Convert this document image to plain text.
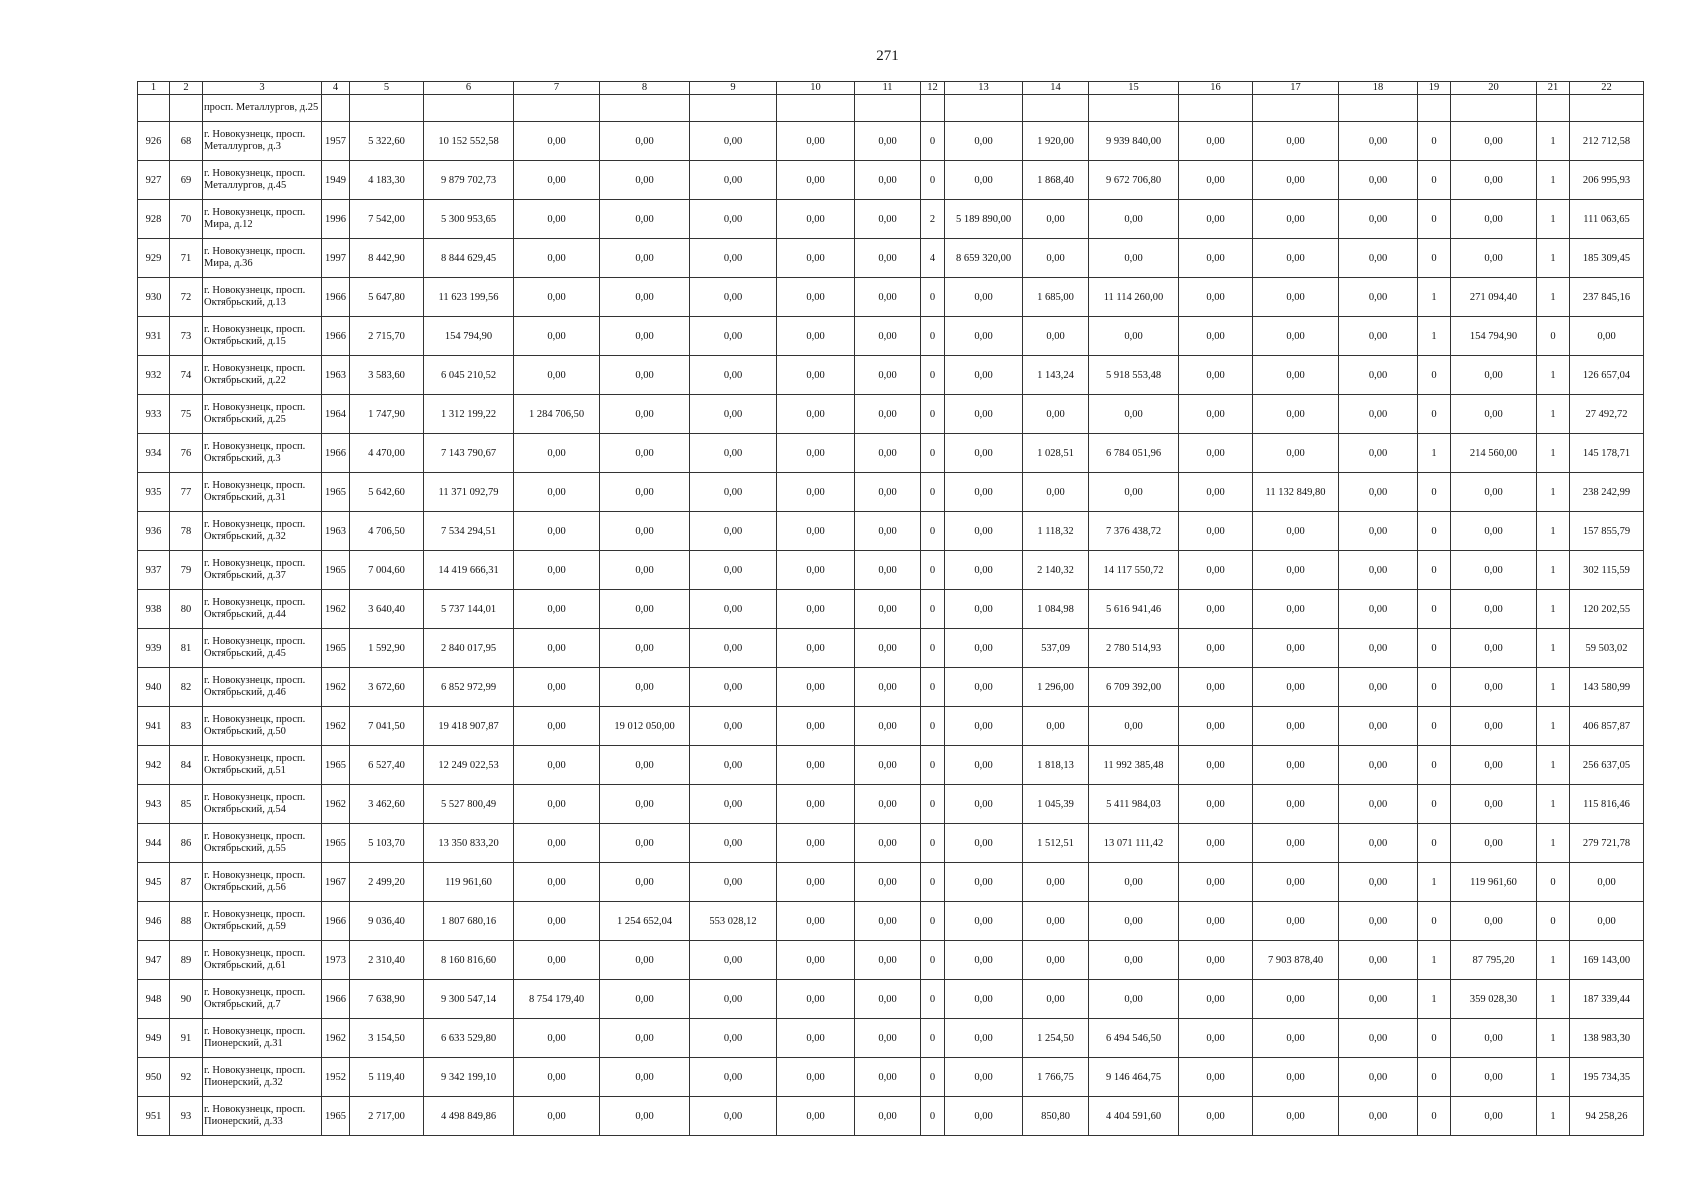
271
1	2	3	4	5	6	7	8	9	10	11	12	13	14	15	16	17	18	19	20	21	22
		просп. Металлургов, д.25																			
926	68	г. Новокузнецк, просп. Металлургов, д.3	1957	5 322,60	10 152 552,58	0,00	0,00	0,00	0,00	0,00	0	0,00	1 920,00	9 939 840,00	0,00	0,00	0,00	0	0,00	1	212 712,58
927	69	г. Новокузнецк, просп. Металлургов, д.45	1949	4 183,30	9 879 702,73	0,00	0,00	0,00	0,00	0,00	0	0,00	1 868,40	9 672 706,80	0,00	0,00	0,00	0	0,00	1	206 995,93
928	70	г. Новокузнецк, просп. Мира, д.12	1996	7 542,00	5 300 953,65	0,00	0,00	0,00	0,00	0,00	2	5 189 890,00	0,00	0,00	0,00	0,00	0,00	0	0,00	1	111 063,65
929	71	г. Новокузнецк, просп. Мира, д.36	1997	8 442,90	8 844 629,45	0,00	0,00	0,00	0,00	0,00	4	8 659 320,00	0,00	0,00	0,00	0,00	0,00	0	0,00	1	185 309,45
930	72	г. Новокузнецк, просп. Октябрьский, д.13	1966	5 647,80	11 623 199,56	0,00	0,00	0,00	0,00	0,00	0	0,00	1 685,00	11 114 260,00	0,00	0,00	0,00	1	271 094,40	1	237 845,16
931	73	г. Новокузнецк, просп. Октябрьский, д.15	1966	2 715,70	154 794,90	0,00	0,00	0,00	0,00	0,00	0	0,00	0,00	0,00	0,00	0,00	0,00	1	154 794,90	0	0,00
932	74	г. Новокузнецк, просп. Октябрьский, д.22	1963	3 583,60	6 045 210,52	0,00	0,00	0,00	0,00	0,00	0	0,00	1 143,24	5 918 553,48	0,00	0,00	0,00	0	0,00	1	126 657,04
933	75	г. Новокузнецк, просп. Октябрьский, д.25	1964	1 747,90	1 312 199,22	1 284 706,50	0,00	0,00	0,00	0,00	0	0,00	0,00	0,00	0,00	0,00	0,00	0	0,00	1	27 492,72
934	76	г. Новокузнецк, просп. Октябрьский, д.3	1966	4 470,00	7 143 790,67	0,00	0,00	0,00	0,00	0,00	0	0,00	1 028,51	6 784 051,96	0,00	0,00	0,00	1	214 560,00	1	145 178,71
935	77	г. Новокузнецк, просп. Октябрьский, д.31	1965	5 642,60	11 371 092,79	0,00	0,00	0,00	0,00	0,00	0	0,00	0,00	0,00	0,00	11 132 849,80	0,00	0	0,00	1	238 242,99
936	78	г. Новокузнецк, просп. Октябрьский, д.32	1963	4 706,50	7 534 294,51	0,00	0,00	0,00	0,00	0,00	0	0,00	1 118,32	7 376 438,72	0,00	0,00	0,00	0	0,00	1	157 855,79
937	79	г. Новокузнецк, просп. Октябрьский, д.37	1965	7 004,60	14 419 666,31	0,00	0,00	0,00	0,00	0,00	0	0,00	2 140,32	14 117 550,72	0,00	0,00	0,00	0	0,00	1	302 115,59
938	80	г. Новокузнецк, просп. Октябрьский, д.44	1962	3 640,40	5 737 144,01	0,00	0,00	0,00	0,00	0,00	0	0,00	1 084,98	5 616 941,46	0,00	0,00	0,00	0	0,00	1	120 202,55
939	81	г. Новокузнецк, просп. Октябрьский, д.45	1965	1 592,90	2 840 017,95	0,00	0,00	0,00	0,00	0,00	0	0,00	537,09	2 780 514,93	0,00	0,00	0,00	0	0,00	1	59 503,02
940	82	г. Новокузнецк, просп. Октябрьский, д.46	1962	3 672,60	6 852 972,99	0,00	0,00	0,00	0,00	0,00	0	0,00	1 296,00	6 709 392,00	0,00	0,00	0,00	0	0,00	1	143 580,99
941	83	г. Новокузнецк, просп. Октябрьский, д.50	1962	7 041,50	19 418 907,87	0,00	19 012 050,00	0,00	0,00	0,00	0	0,00	0,00	0,00	0,00	0,00	0,00	0	0,00	1	406 857,87
942	84	г. Новокузнецк, просп. Октябрьский, д.51	1965	6 527,40	12 249 022,53	0,00	0,00	0,00	0,00	0,00	0	0,00	1 818,13	11 992 385,48	0,00	0,00	0,00	0	0,00	1	256 637,05
943	85	г. Новокузнецк, просп. Октябрьский, д.54	1962	3 462,60	5 527 800,49	0,00	0,00	0,00	0,00	0,00	0	0,00	1 045,39	5 411 984,03	0,00	0,00	0,00	0	0,00	1	115 816,46
944	86	г. Новокузнецк, просп. Октябрьский, д.55	1965	5 103,70	13 350 833,20	0,00	0,00	0,00	0,00	0,00	0	0,00	1 512,51	13 071 111,42	0,00	0,00	0,00	0	0,00	1	279 721,78
945	87	г. Новокузнецк, просп. Октябрьский, д.56	1967	2 499,20	119 961,60	0,00	0,00	0,00	0,00	0,00	0	0,00	0,00	0,00	0,00	0,00	0,00	1	119 961,60	0	0,00
946	88	г. Новокузнецк, просп. Октябрьский, д.59	1966	9 036,40	1 807 680,16	0,00	1 254 652,04	553 028,12	0,00	0,00	0	0,00	0,00	0,00	0,00	0,00	0,00	0	0,00	0	0,00
947	89	г. Новокузнецк, просп. Октябрьский, д.61	1973	2 310,40	8 160 816,60	0,00	0,00	0,00	0,00	0,00	0	0,00	0,00	0,00	0,00	7 903 878,40	0,00	1	87 795,20	1	169 143,00
948	90	г. Новокузнецк, просп. Октябрьский, д.7	1966	7 638,90	9 300 547,14	8 754 179,40	0,00	0,00	0,00	0,00	0	0,00	0,00	0,00	0,00	0,00	0,00	1	359 028,30	1	187 339,44
949	91	г. Новокузнецк, просп. Пионерский, д.31	1962	3 154,50	6 633 529,80	0,00	0,00	0,00	0,00	0,00	0	0,00	1 254,50	6 494 546,50	0,00	0,00	0,00	0	0,00	1	138 983,30
950	92	г. Новокузнецк, просп. Пионерский, д.32	1952	5 119,40	9 342 199,10	0,00	0,00	0,00	0,00	0,00	0	0,00	1 766,75	9 146 464,75	0,00	0,00	0,00	0	0,00	1	195 734,35
951	93	г. Новокузнецк, просп. Пионерский, д.33	1965	2 717,00	4 498 849,86	0,00	0,00	0,00	0,00	0,00	0	0,00	850,80	4 404 591,60	0,00	0,00	0,00	0	0,00	1	94 258,26
